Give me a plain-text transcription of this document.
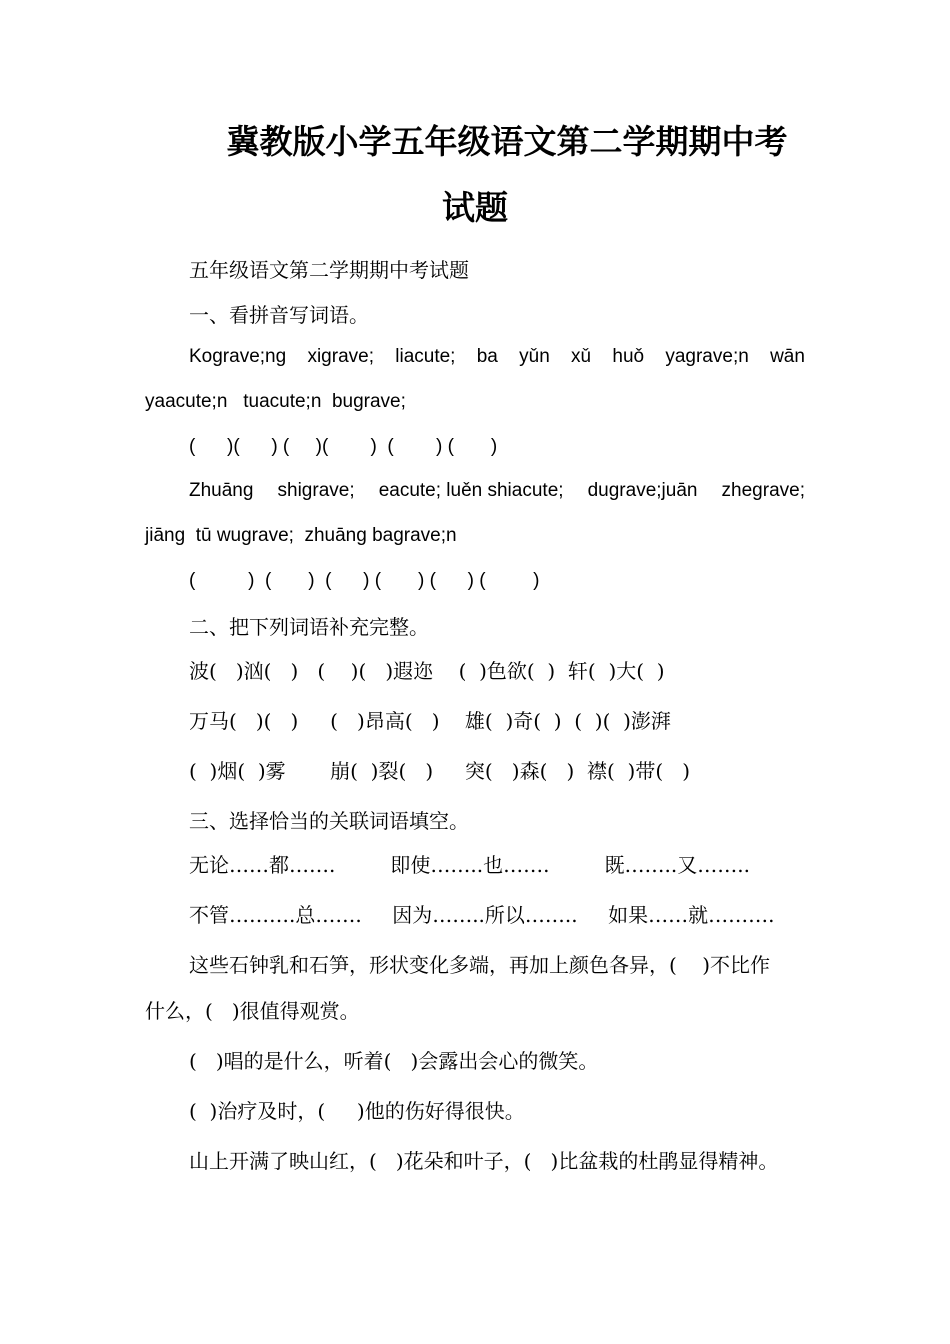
冀教版小学五年级语文第二学期期中考
试题
五年级语文第二学期期中考试题
一、看拼音写词语。
Kograve;ng xigrave; liacute; ba yǔn xǔ huǒ yagrave;n wān
yaacute;n   tuacute;n  bugrave;
(      )(      ) (     )(        )  (        ) (       )
Zhuāng shigrave; eacute; luěn shiacute; dugrave;juān zhegrave;
jiāng  tū wugrave;  zhuāng bagrave;n
(          )  (       )  (      ) (       ) (      ) (         )
二、把下列词语补充完整。
波(   )汹(   )   (    )(   )遐迩    (  )色欲(  )  轩(  )大(  )
万马(   )(   )     (   )昂高(   )    雄(  )奇(  )  (  )(  )澎湃
(  )烟(  )雾       崩(  )裂(   )     突(   )森(   )  襟(  )带(   )
三、选择恰当的关联词语填空。
无论……都…….	即使……..也…….	既……..又……..
不管……….总……. 因为……..所以…….. 如果……就……….
这些石钟乳和石笋，形状变化多端，再加上颜色各异，(    )不比作
什么，(   )很值得观赏。
(   )唱的是什么，听着(   )会露出会心的微笑。
(  )治疗及时，(     )他的伤好得很快。
山上开满了映山红，(   )花朵和叶子，(   )比盆栽的杜鹃显得精神。
